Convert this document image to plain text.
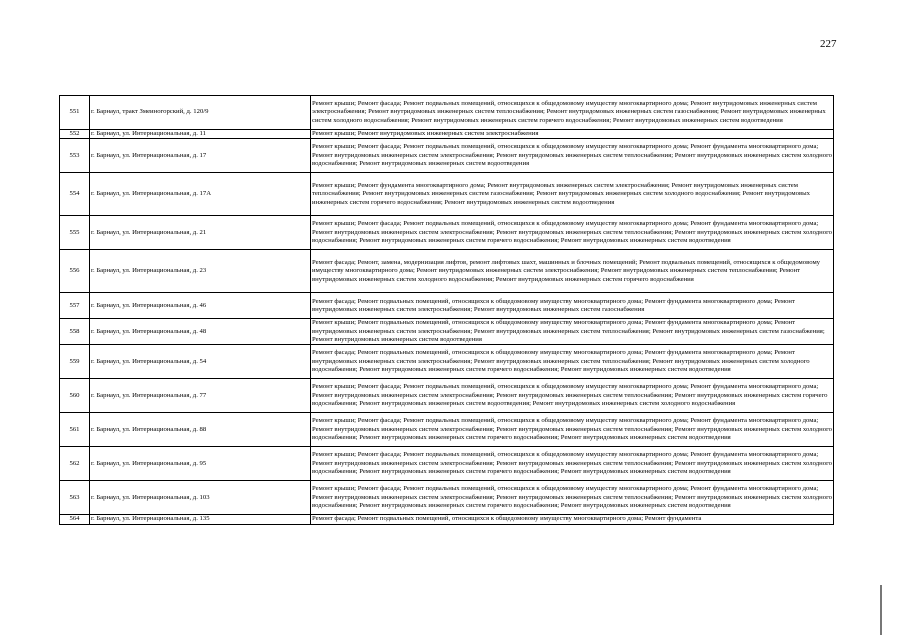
227
551	г. Барнаул, тракт Змеиногорский, д. 120/9	Ремонт крыши; Ремонт фасада; Ремонт подвальных помещений, относящихся к общедомовому имуществу многоквартирного дома; Ремонт внутридомовых инженерных систем электроснабжения; Ремонт внутридомовых инженерных систем теплоснабжения; Ремонт внутридомовых инженерных систем газоснабжения; Ремонт внутридомовых инженерных систем холодного водоснабжения; Ремонт внутридомовых инженерных систем горячего водоснабжения; Ремонт внутридомовых инженерных систем водоотведения
552	г. Барнаул, ул. Интернациональная, д. 11	Ремонт крыши; Ремонт внутридомовых инженерных систем электроснабжения
553	г. Барнаул, ул. Интернациональная, д. 17	Ремонт крыши; Ремонт фасада; Ремонт подвальных помещений, относящихся к общедомовому имуществу многоквартирного дома; Ремонт фундамента многоквартирного дома; Ремонт внутридомовых инженерных систем электроснабжения; Ремонт внутридомовых инженерных систем теплоснабжения; Ремонт внутридомовых инженерных систем холодного водоснабжения; Ремонт внутридомовых инженерных систем водоотведения
554	г. Барнаул, ул. Интернациональная, д. 17А	Ремонт крыши; Ремонт фундамента многоквартирного дома; Ремонт внутридомовых инженерных систем электроснабжения; Ремонт внутридомовых инженерных систем теплоснабжения; Ремонт внутридомовых инженерных систем газоснабжения; Ремонт внутридомовых инженерных систем холодного водоснабжения; Ремонт внутридомовых инженерных систем горячего водоснабжения; Ремонт внутридомовых инженерных систем водоотведения
555	г. Барнаул, ул. Интернациональная, д. 21	Ремонт крыши; Ремонт фасада; Ремонт подвальных помещений, относящихся к общедомовому имуществу многоквартирного дома; Ремонт фундамента многоквартирного дома; Ремонт внутридомовых инженерных систем электроснабжения; Ремонт внутридомовых инженерных систем теплоснабжения; Ремонт внутридомовых инженерных систем холодного водоснабжения; Ремонт внутридомовых инженерных систем горячего водоснабжения; Ремонт внутридомовых инженерных систем водоотведения
556	г. Барнаул, ул. Интернациональная, д. 23	Ремонт фасада; Ремонт, замена, модернизация лифтов, ремонт лифтовых шахт, машинных и блочных помещений; Ремонт подвальных помещений, относящихся к общедомовому имуществу многоквартирного дома; Ремонт внутридомовых инженерных систем электроснабжения; Ремонт внутридомовых инженерных систем теплоснабжения; Ремонт внутридомовых инженерных систем холодного водоснабжения; Ремонт внутридомовых инженерных систем горячего водоснабжения
557	г. Барнаул, ул. Интернациональная, д. 46	Ремонт фасада; Ремонт подвальных помещений, относящихся к общедомовому имуществу многоквартирного дома; Ремонт фундамента многоквартирного дома; Ремонт внутридомовых инженерных систем электроснабжения; Ремонт внутридомовых инженерных систем газоснабжения
558	г. Барнаул, ул. Интернациональная, д. 48	Ремонт крыши; Ремонт подвальных помещений, относящихся к общедомовому имуществу многоквартирного дома; Ремонт фундамента многоквартирного дома; Ремонт внутридомовых инженерных систем электроснабжения; Ремонт внутридомовых инженерных систем теплоснабжения; Ремонт внутридомовых инженерных систем газоснабжения; Ремонт внутридомовых инженерных систем водоотведения
559	г. Барнаул, ул. Интернациональная, д. 54	Ремонт фасада; Ремонт подвальных помещений, относящихся к общедомовому имуществу многоквартирного дома; Ремонт фундамента многоквартирного дома; Ремонт внутридомовых инженерных систем электроснабжения; Ремонт внутридомовых инженерных систем теплоснабжения; Ремонт внутридомовых инженерных систем холодного водоснабжения; Ремонт внутридомовых инженерных систем горячего водоснабжения; Ремонт внутридомовых инженерных систем водоотведения
560	г. Барнаул, ул. Интернациональная, д. 77	Ремонт крыши; Ремонт фасада; Ремонт подвальных помещений, относящихся к общедомовому имуществу многоквартирного дома; Ремонт фундамента многоквартирного дома; Ремонт внутридомовых инженерных систем электроснабжения; Ремонт внутридомовых инженерных систем теплоснабжения; Ремонт внутридомовых инженерных систем горячего водоснабжения; Ремонт внутридомовых инженерных систем водоотведения; Ремонт внутридомовых инженерных систем холодного водоснабжения
561	г. Барнаул, ул. Интернациональная, д. 88	Ремонт крыши; Ремонт фасада; Ремонт подвальных помещений, относящихся к общедомовому имуществу многоквартирного дома; Ремонт фундамента многоквартирного дома; Ремонт внутридомовых инженерных систем электроснабжения; Ремонт внутридомовых инженерных систем теплоснабжения; Ремонт внутридомовых инженерных систем холодного водоснабжения; Ремонт внутридомовых инженерных систем горячего водоснабжения; Ремонт внутридомовых инженерных систем водоотведения
562	г. Барнаул, ул. Интернациональная, д. 95	Ремонт крыши; Ремонт фасада; Ремонт подвальных помещений, относящихся к общедомовому имуществу многоквартирного дома; Ремонт фундамента многоквартирного дома; Ремонт внутридомовых инженерных систем электроснабжения; Ремонт внутридомовых инженерных систем теплоснабжения; Ремонт внутридомовых инженерных систем холодного водоснабжения; Ремонт внутридомовых инженерных систем горячего водоснабжения; Ремонт внутридомовых инженерных систем водоотведения
563	г. Барнаул, ул. Интернациональная, д. 103	Ремонт крыши; Ремонт фасада; Ремонт подвальных помещений, относящихся к общедомовому имуществу многоквартирного дома; Ремонт фундамента многоквартирного дома; Ремонт внутридомовых инженерных систем электроснабжения; Ремонт внутридомовых инженерных систем теплоснабжения; Ремонт внутридомовых инженерных систем холодного водоснабжения; Ремонт внутридомовых инженерных систем горячего водоснабжения; Ремонт внутридомовых инженерных систем водоотведения
564	г. Барнаул, ул. Интернациональная, д. 135	Ремонт фасада; Ремонт подвальных помещений, относящихся к общедомовому имуществу многоквартирного дома; Ремонт фундамента
